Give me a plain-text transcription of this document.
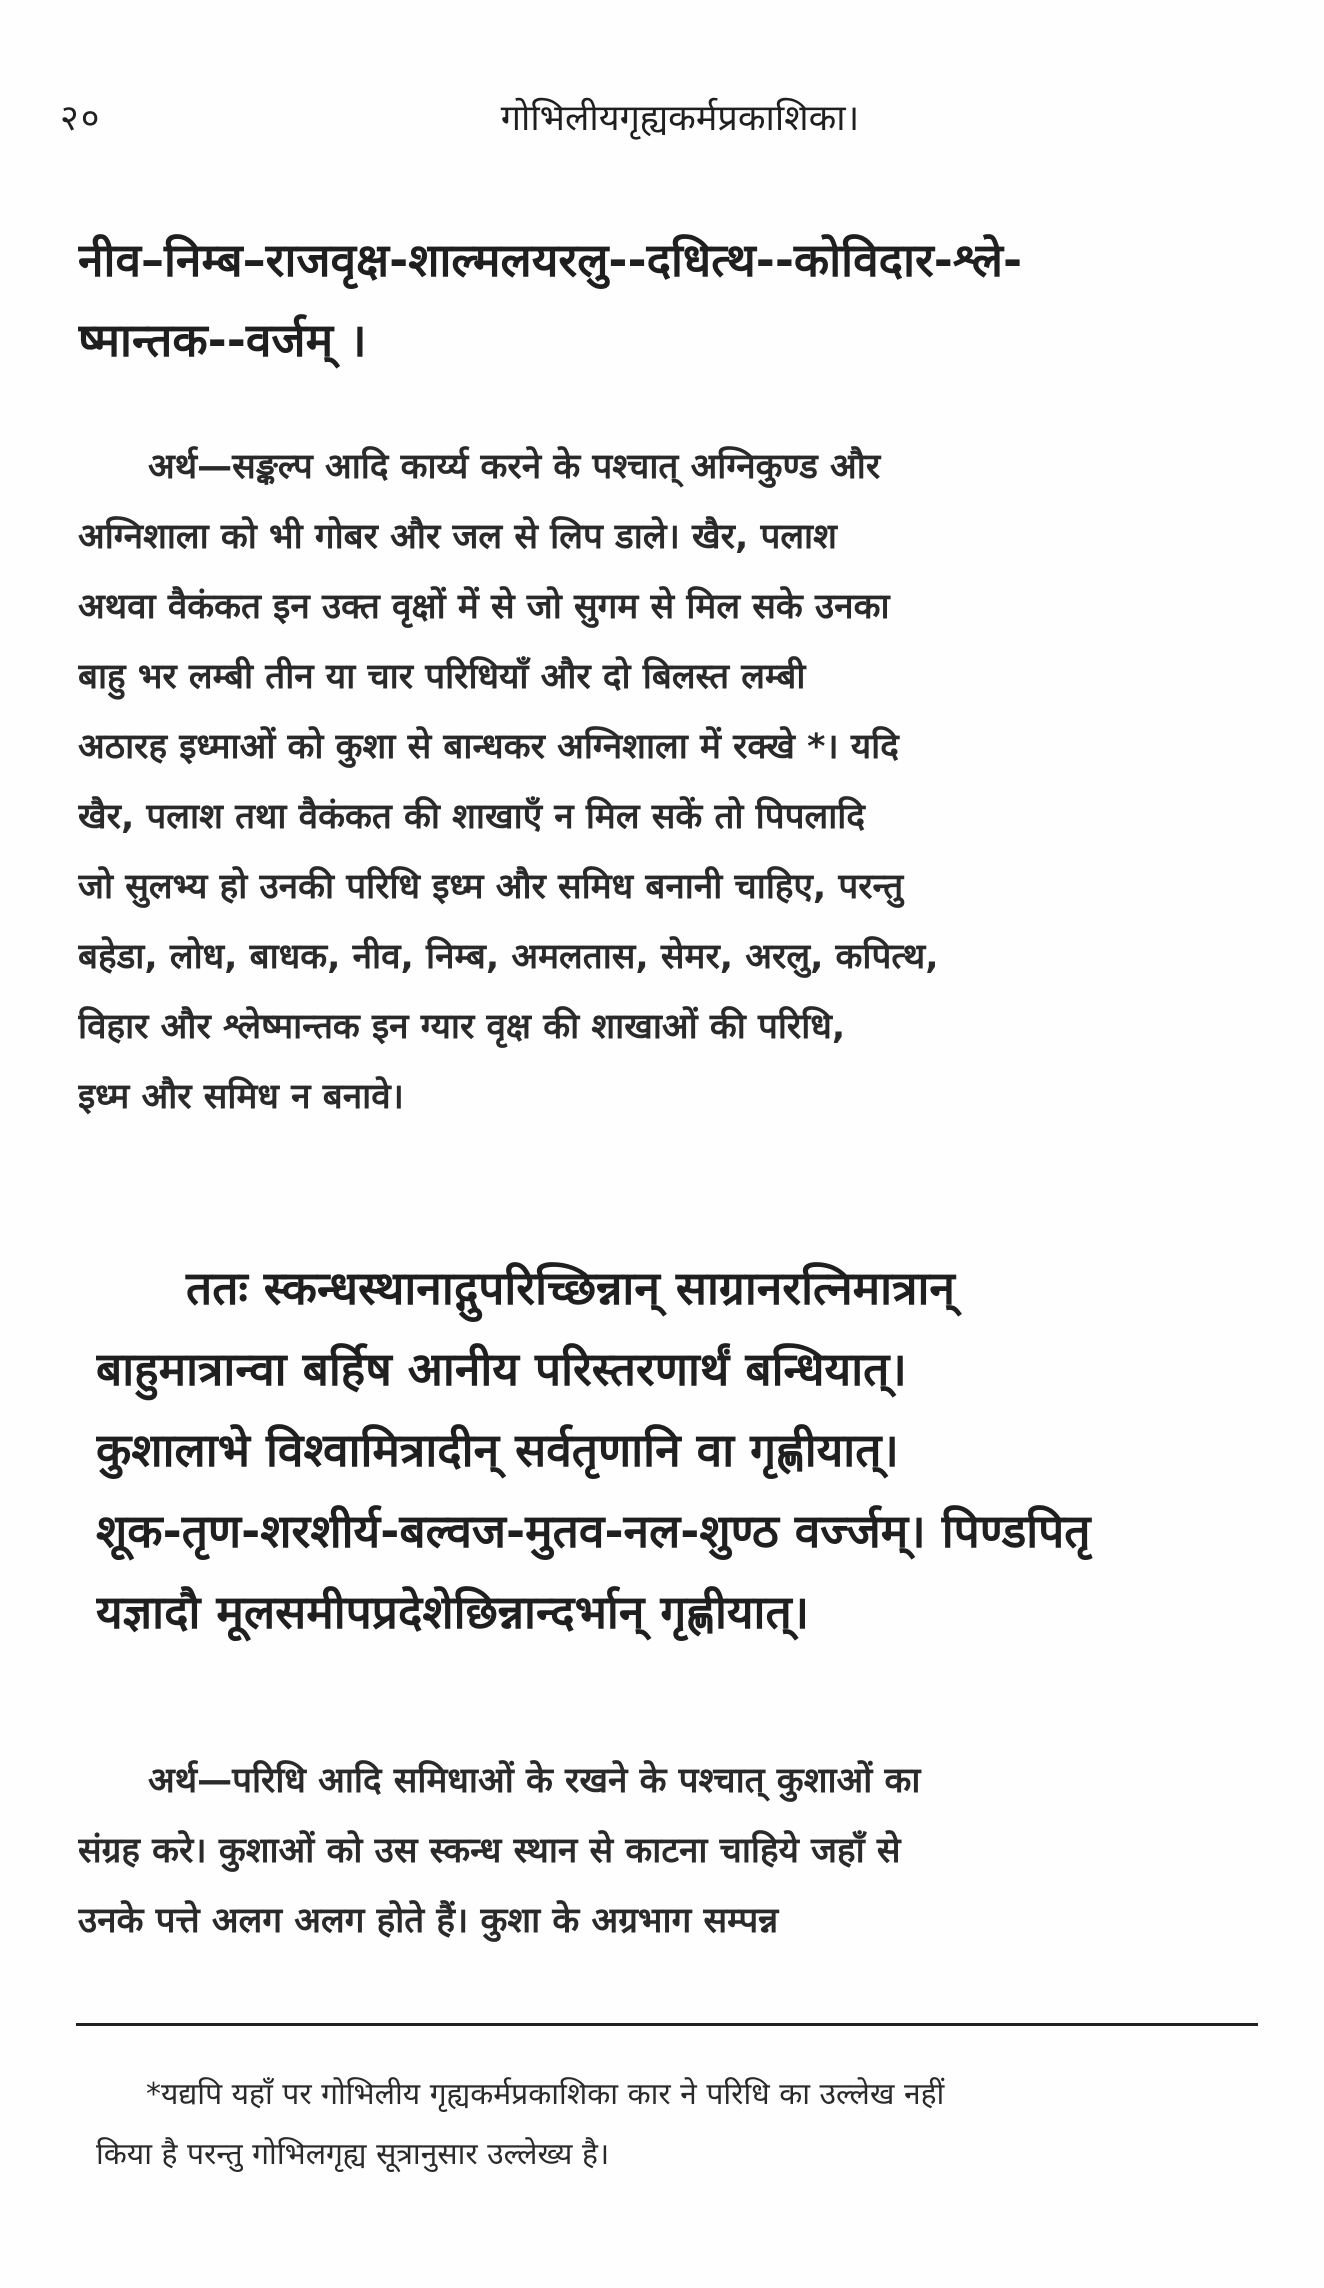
२०	गोभिलीयगृह्यकर्मप्रकाशिका।
नीव–निम्ब–राजवृक्ष-शाल्मलयरलु--दधित्थ--कोविदार-श्ले-
ष्मान्तक--वर्जम् ।
अर्थ—सङ्कल्प आदि कार्य्य करने के पश्चात् अग्निकुण्ड और
अग्निशाला को भी गोबर और जल से लिप डाले। खैर, पलाश
अथवा वैकंकत इन उक्त वृक्षों में से जो सुगम से मिल सके उनका
बाहु भर लम्बी तीन या चार परिधियाँ और दो बिलस्त लम्बी
अठारह इध्माओं को कुशा से बान्धकर अग्निशाला में रक्खे *। यदि
खैर, पलाश तथा वैकंकत की शाखाएँ न मिल सकें तो पिपलादि
जो सुलभ्य हो उनकी परिधि इध्म और समिध बनानी चाहिए, परन्तु
बहेडा, लोध, बाधक, नीव, निम्ब, अमलतास, सेमर, अरलु, कपित्थ,
विहार और श्लेष्मान्तक इन ग्यार वृक्ष की शाखाओं की परिधि,
इध्म और समिध न बनावे।
ततः स्कन्धस्थानाद्गुपरिच्छिन्नान् साग्रानरत्निमात्रान्
बाहुमात्रान्वा बर्हिष आनीय परिस्तरणार्थं बन्धियात्।
कुशालाभे विश्वामित्रादीन् सर्वतृणानि वा गृह्णीयात्।
शूक-तृण-शरशीर्य-बल्वज-मुतव-नल-शुण्ठ वर्ज्जम्। पिण्डपितृ
यज्ञादौ मूलसमीपप्रदेशेछिन्नान्दर्भान् गृह्णीयात्।
अर्थ—परिधि आदि समिधाओं के रखने के पश्चात् कुशाओं का
संग्रह करे। कुशाओं को उस स्कन्ध स्थान से काटना चाहिये जहाँ से
उनके पत्ते अलग अलग होते हैं। कुशा के अग्रभाग सम्पन्न
*यद्यपि यहाँ पर गोभिलीय गृह्यकर्मप्रकाशिका कार ने परिधि का उल्लेख नहीं
किया है परन्तु गोभिलगृह्य सूत्रानुसार उल्लेख्य है।
